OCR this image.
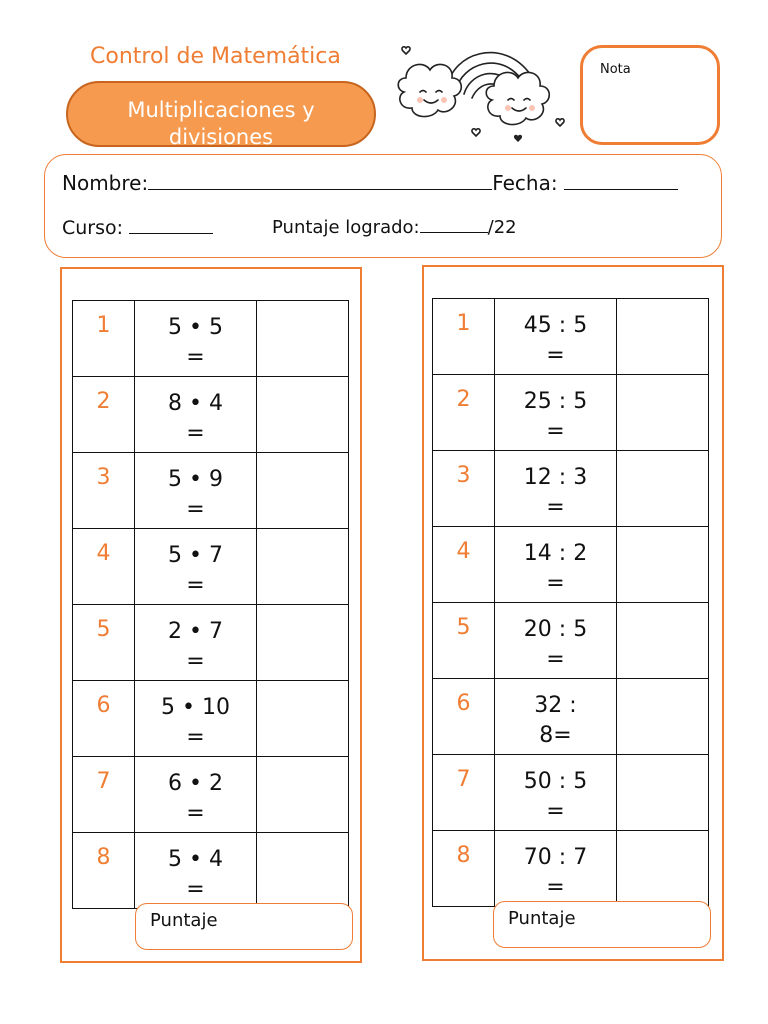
Control de Matemática
Multiplicaciones y
divisiones
Nota
Nombre:	Fecha:
Curso:	Puntaje logrado:	/22
1	5 • 5
=	

2	8 • 4
=	

3	5 • 9
=	

4	5 • 7
=	

5	2 • 7
=	

6	5 • 10
=	

7	6 • 2
=	

8	5 • 4
=	

Puntaje
1	45 : 5
=	

2	25 : 5
=	

3	12 : 3
=	

4	14 : 2
=	

5	20 : 5
=	

6	32 :
8=	

7	50 : 5
=	

8	70 : 7
=	

Puntaje
